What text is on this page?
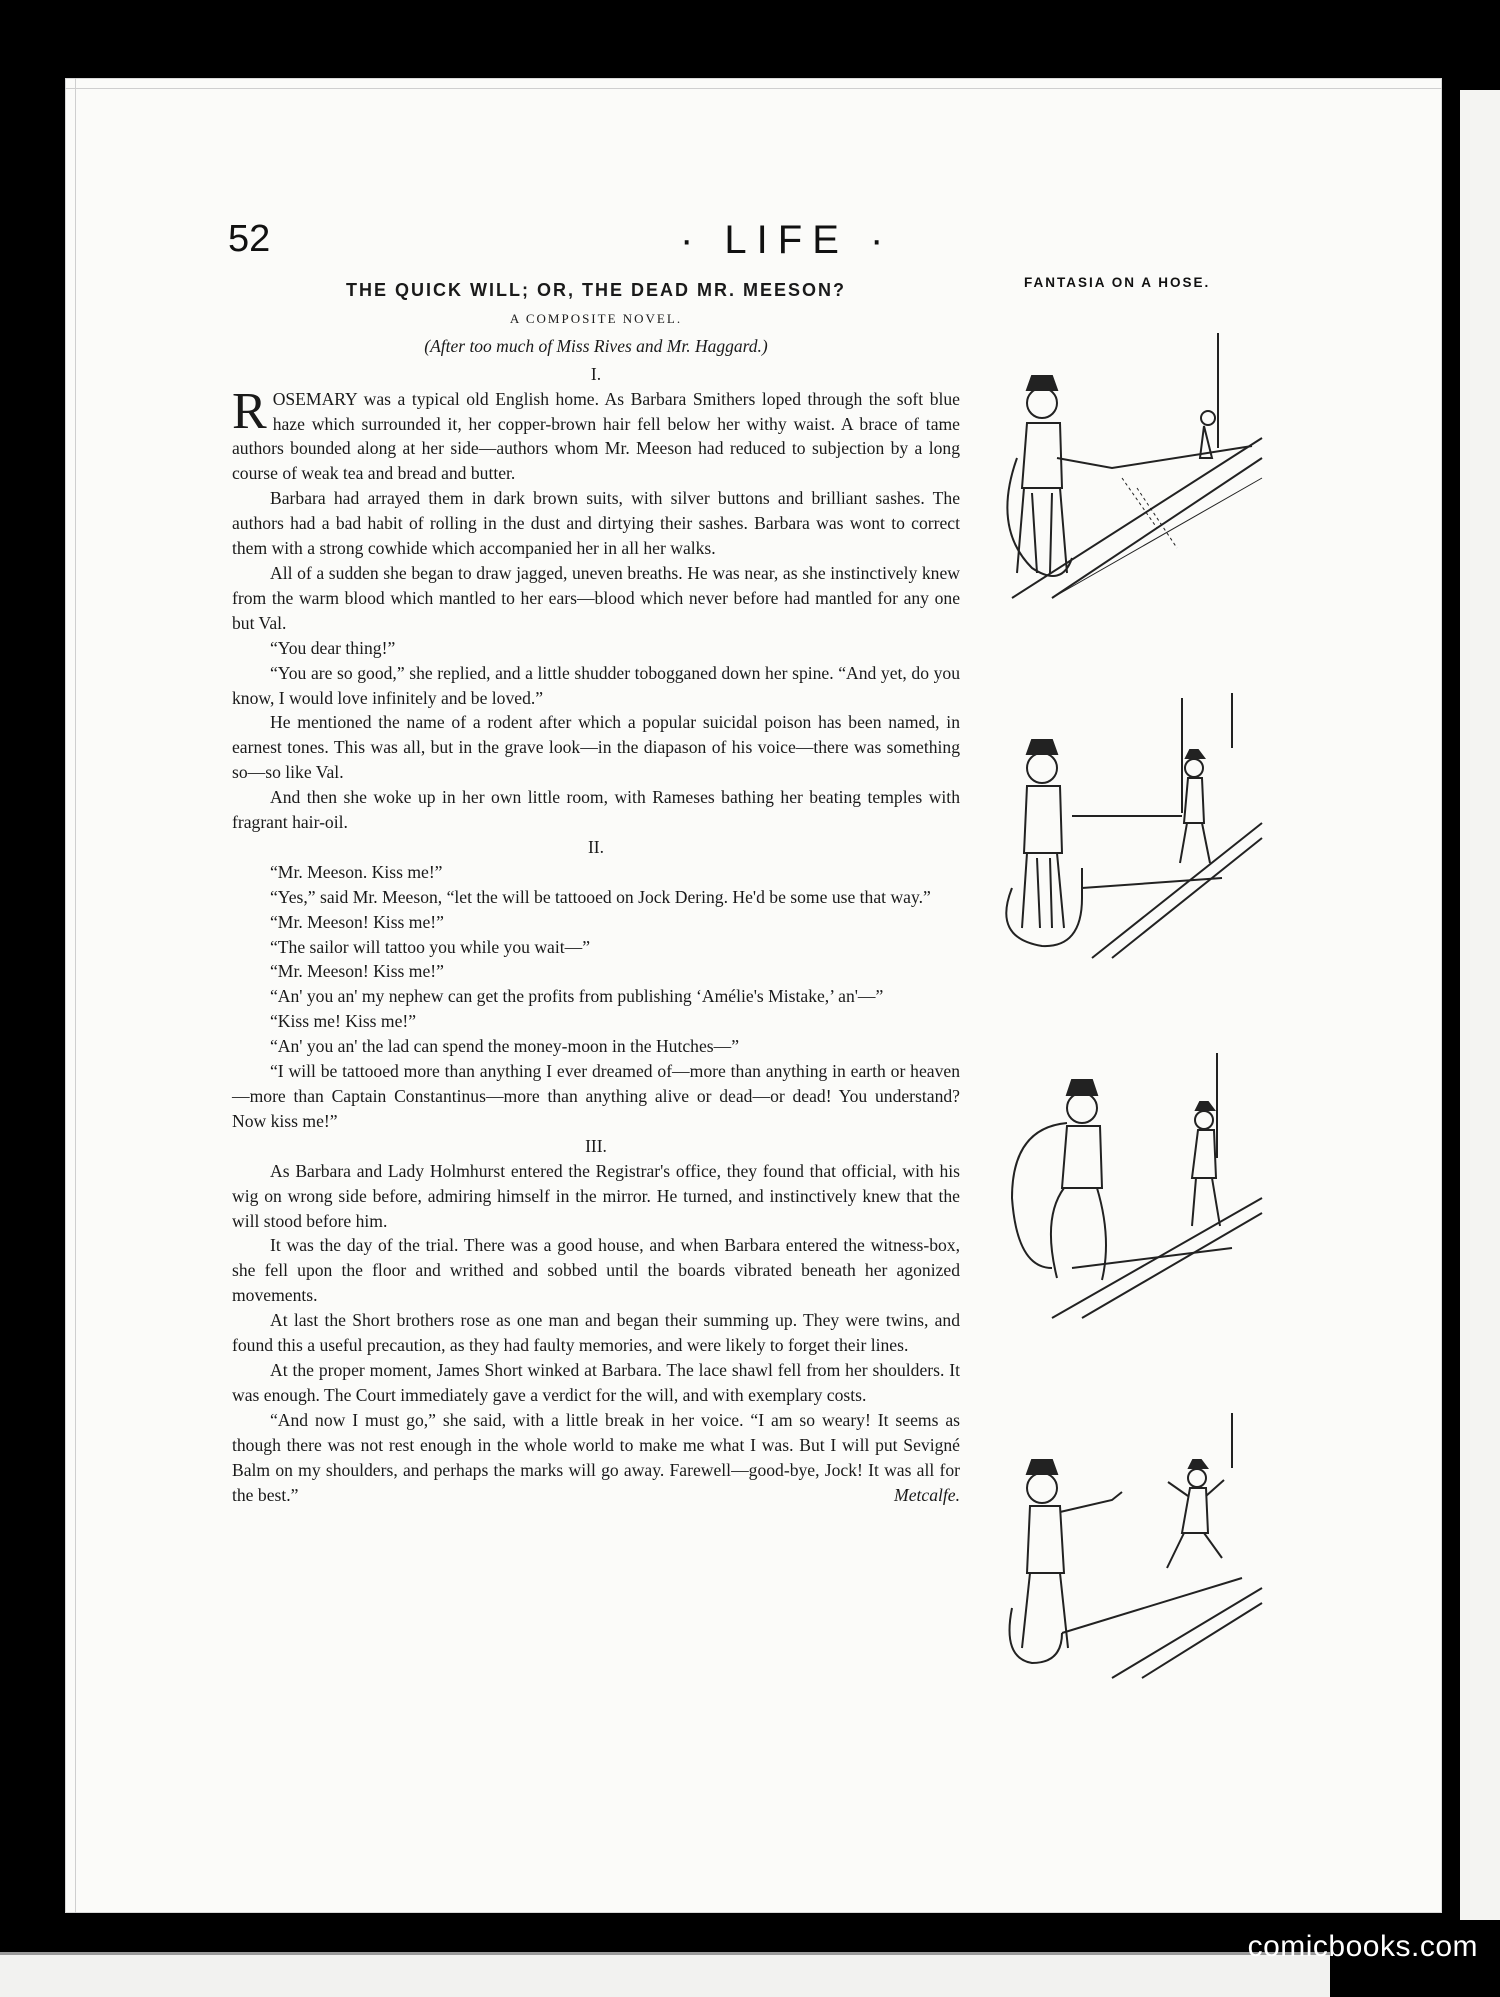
52	· LIFE ·
THE QUICK WILL; OR, THE DEAD MR. MEESON?
A COMPOSITE NOVEL.
(After too much of Miss Rives and Mr. Haggard.)
I.

ROSEMARY was a typical old English home. As Barbara Smithers loped through the soft blue haze which surrounded it, her copper-brown hair fell below her withy waist. A brace of tame authors bounded along at her side—authors whom Mr. Meeson had reduced to subjection by a long course of weak tea and bread and butter.

Barbara had arrayed them in dark brown suits, with silver buttons and brilliant sashes. The authors had a bad habit of rolling in the dust and dirtying their sashes. Barbara was wont to correct them with a strong cowhide which accompanied her in all her walks.

All of a sudden she began to draw jagged, uneven breaths. He was near, as she instinctively knew from the warm blood which mantled to her ears—blood which never before had mantled for any one but Val.

“You dear thing!”

“You are so good,” she replied, and a little shudder tobogganed down her spine. “And yet, do you know, I would love infinitely and be loved.”

He mentioned the name of a rodent after which a popular suicidal poison has been named, in earnest tones. This was all, but in the grave look—in the diapason of his voice—there was something so—so like Val.

And then she woke up in her own little room, with Rameses bathing her beating temples with fragrant hair-oil.

II.

“Mr. Meeson. Kiss me!”

“Yes,” said Mr. Meeson, “let the will be tattooed on Jock Dering. He'd be some use that way.”

“Mr. Meeson! Kiss me!”

“The sailor will tattoo you while you wait—”

“Mr. Meeson! Kiss me!”

“An' you an' my nephew can get the profits from publishing ‘Amélie's Mistake,’ an'—”

“Kiss me! Kiss me!”

“An' you an' the lad can spend the money-moon in the Hutches—”

“I will be tattooed more than anything I ever dreamed of—more than anything in earth or heaven—more than Captain Constantinus—more than anything alive or dead—or dead! You understand? Now kiss me!”

III.

As Barbara and Lady Holmhurst entered the Registrar's office, they found that official, with his wig on wrong side before, admiring himself in the mirror. He turned, and instinctively knew that the will stood before him.

It was the day of the trial. There was a good house, and when Barbara entered the witness-box, she fell upon the floor and writhed and sobbed until the boards vibrated beneath her agonized movements.

At last the Short brothers rose as one man and began their summing up. They were twins, and found this a useful precaution, as they had faulty memories, and were likely to forget their lines.

At the proper moment, James Short winked at Barbara. The lace shawl fell from her shoulders. It was enough. The Court immediately gave a verdict for the will, and with exemplary costs.

“And now I must go,” she said, with a little break in her voice. “I am so weary! It seems as though there was not rest enough in the whole world to make me what I was. But I will put Sevigné Balm on my shoulders, and perhaps the marks will go away. Farewell—good-bye, Jock! It was all for the best.”	Metcalfe.

FANTASIA ON A HOSE.
comicbooks.com
